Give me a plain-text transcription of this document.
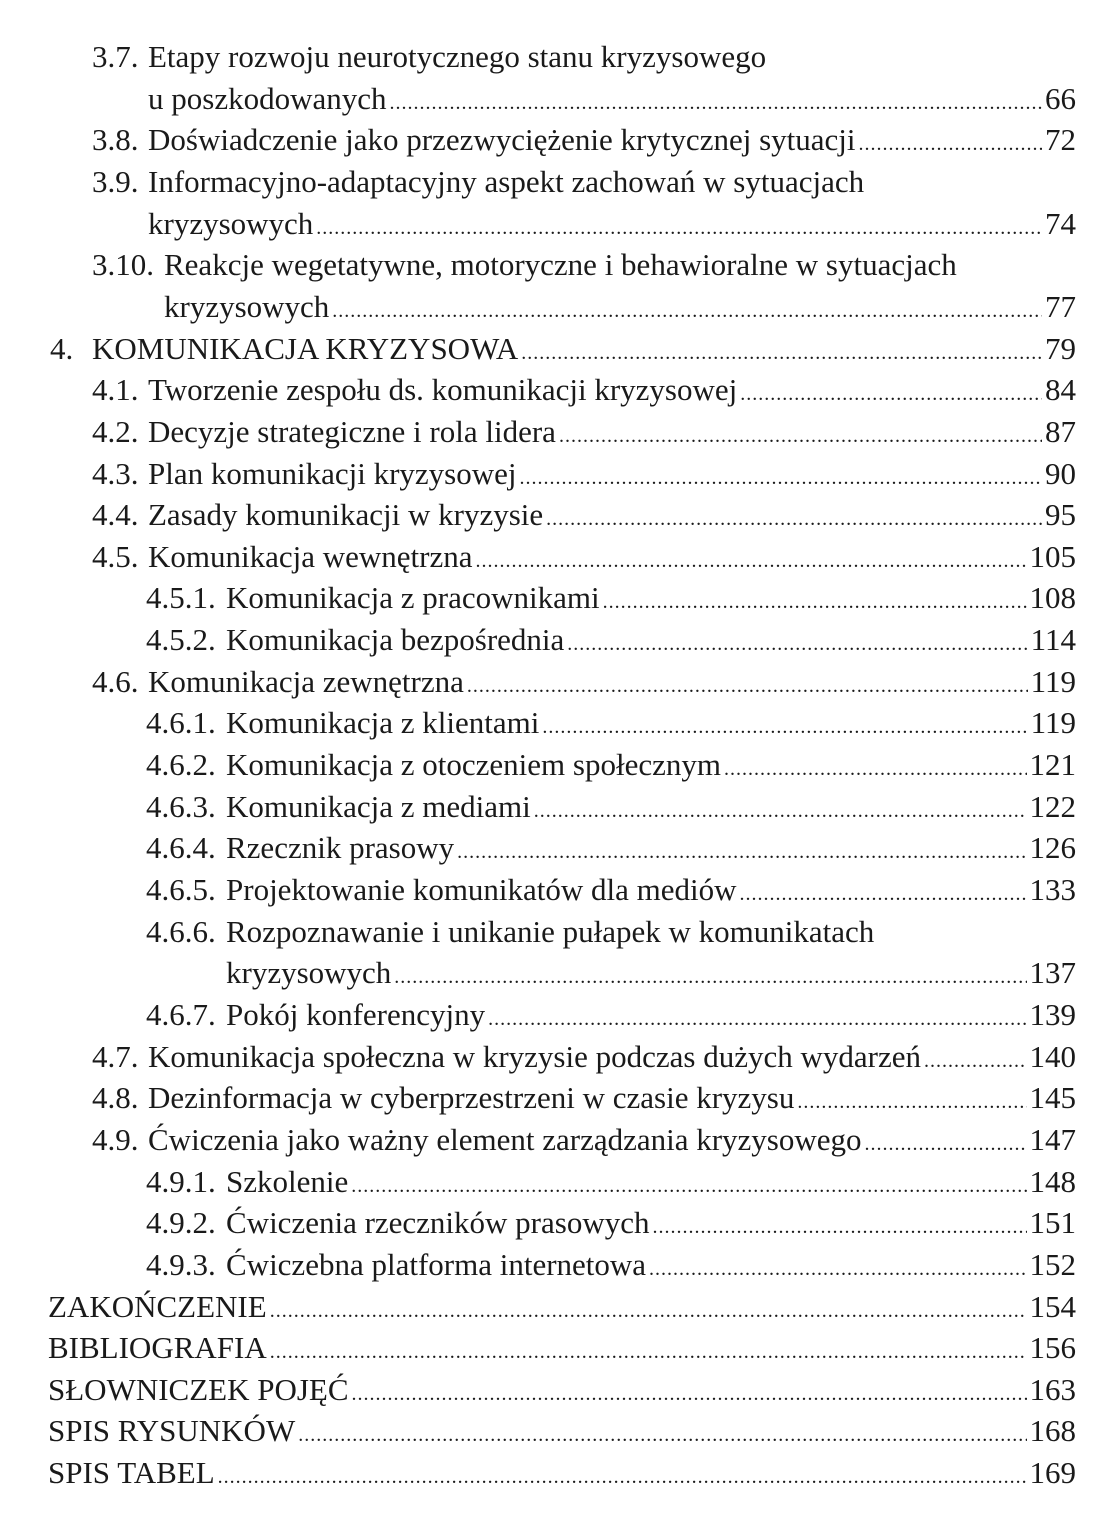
3.7. Etapy rozwoju neurotycznego stanu kryzysowego
u poszkodowanych .....	66
3.8. Doświadczenie jako przezwyciężenie krytycznej sytuacji .....	72
3.9. Informacyjno-adaptacyjny aspekt zachowań w sytuacjach
kryzysowych .....	74
3.10. Reakcje wegetatywne, motoryczne i behawioralne w sytuacjach
kryzysowych .....	77
4. KOMUNIKACJA KRYZYSOWA .....	79
4.1. Tworzenie zespołu ds. komunikacji kryzysowej .....	84
4.2. Decyzje strategiczne i rola lidera .....	87
4.3. Plan komunikacji kryzysowej .....	90
4.4. Zasady komunikacji w kryzysie .....	95
4.5. Komunikacja wewnętrzna .....	105
4.5.1. Komunikacja z pracownikami .....	108
4.5.2. Komunikacja bezpośrednia .....	114
4.6. Komunikacja zewnętrzna .....	119
4.6.1. Komunikacja z klientami .....	119
4.6.2. Komunikacja z otoczeniem społecznym .....	121
4.6.3. Komunikacja z mediami .....	122
4.6.4. Rzecznik prasowy .....	126
4.6.5. Projektowanie komunikatów dla mediów .....	133
4.6.6. Rozpoznawanie i unikanie pułapek w komunikatach
kryzysowych .....	137
4.6.7. Pokój konferencyjny .....	139
4.7. Komunikacja społeczna w kryzysie podczas dużych wydarzeń .....	140
4.8. Dezinformacja w cyberprzestrzeni w czasie kryzysu .....	145
4.9. Ćwiczenia jako ważny element zarządzania kryzysowego .....	147
4.9.1. Szkolenie .....	148
4.9.2. Ćwiczenia rzeczników prasowych .....	151
4.9.3. Ćwiczebna platforma internetowa .....	152
ZAKOŃCZENIE .....	154
BIBLIOGRAFIA .....	156
SŁOWNICZEK POJĘĆ .....	163
SPIS RYSUNKÓW .....	168
SPIS TABEL .....	169
